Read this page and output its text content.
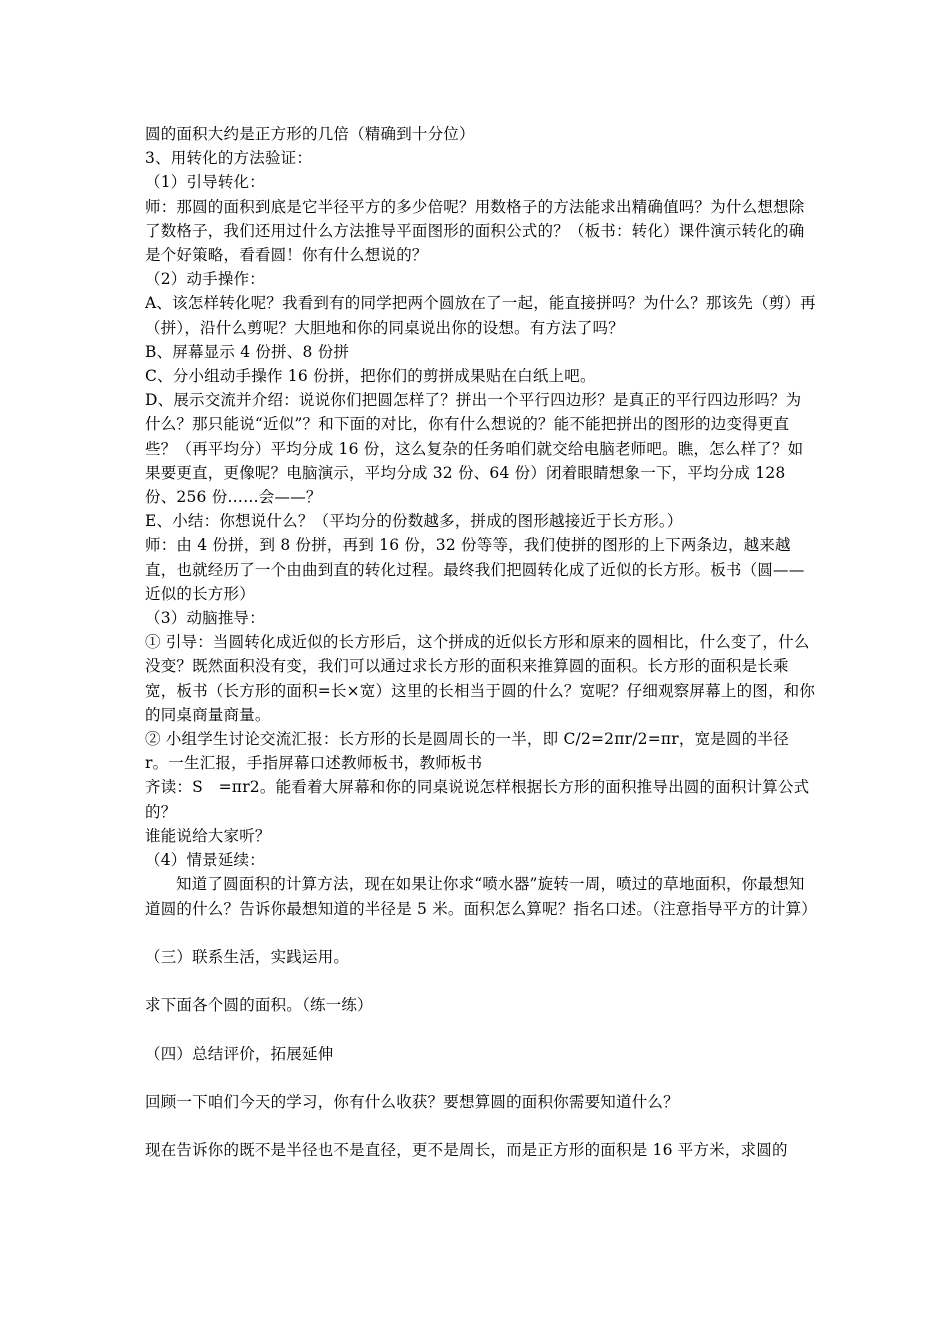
圆的面积大约是正方形的几倍（精确到十分位）

3、用转化的方法验证：

（1）引导转化：

师：那圆的面积到底是它半径平方的多少倍呢？用数格子的方法能求出精确值吗？为什么想想除了数格子，我们还用过什么方法推导平面图形的面积公式的？（板书：转化）课件演示转化的确是个好策略，看看圆！你有什么想说的？

（2）动手操作：

A、该怎样转化呢？我看到有的同学把两个圆放在了一起，能直接拼吗？为什么？那该先（剪）再（拼），沿什么剪呢？大胆地和你的同桌说出你的设想。有方法了吗？

B、屏幕显示 4 份拼、8 份拼

C、分小组动手操作 16 份拼，把你们的剪拼成果贴在白纸上吧。

D、展示交流并介绍：说说你们把圆怎样了？拼出一个平行四边形？是真正的平行四边形吗？为什么？那只能说“近似”？和下面的对比，你有什么想说的？能不能把拼出的图形的边变得更直些？（再平均分）平均分成 16 份，这么复杂的任务咱们就交给电脑老师吧。瞧，怎么样了？如果要更直，更像呢？电脑演示，平均分成 32 份、64 份）闭着眼睛想象一下，平均分成 128 份、256 份……会——？

E、小结：你想说什么？（平均分的份数越多，拼成的图形越接近于长方形。）

师：由 4 份拼，到 8 份拼，再到 16 份，32 份等等，我们使拼的图形的上下两条边，越来越直，也就经历了一个由曲到直的转化过程。最终我们把圆转化成了近似的长方形。板书（圆——近似的长方形）

（3）动脑推导：

① 引导：当圆转化成近似的长方形后，这个拼成的近似长方形和原来的圆相比，什么变了，什么没变？既然面积没有变，我们可以通过求长方形的面积来推算圆的面积。长方形的面积是长乘宽，板书（长方形的面积=长×宽）这里的长相当于圆的什么？宽呢？仔细观察屏幕上的图，和你的同桌商量商量。

② 小组学生讨论交流汇报：长方形的长是圆周长的一半，即 C/2=2πr/2=πr，宽是圆的半径 r。一生汇报，手指屏幕口述教师板书，教师板书

齐读：S　=πr2。能看着大屏幕和你的同桌说说怎样根据长方形的面积推导出圆的面积计算公式的？

谁能说给大家听？

（4）情景延续：

知道了圆面积的计算方法，现在如果让你求“喷水器”旋转一周，喷过的草地面积，你最想知道圆的什么？告诉你最想知道的半径是 5 米。面积怎么算呢？指名口述。（注意指导平方的计算）

（三）联系生活，实践运用。

求下面各个圆的面积。（练一练）

（四）总结评价，拓展延伸

回顾一下咱们今天的学习，你有什么收获？要想算圆的面积你需要知道什么？

现在告诉你的既不是半径也不是直径，更不是周长，而是正方形的面积是 16 平方米，求圆的
